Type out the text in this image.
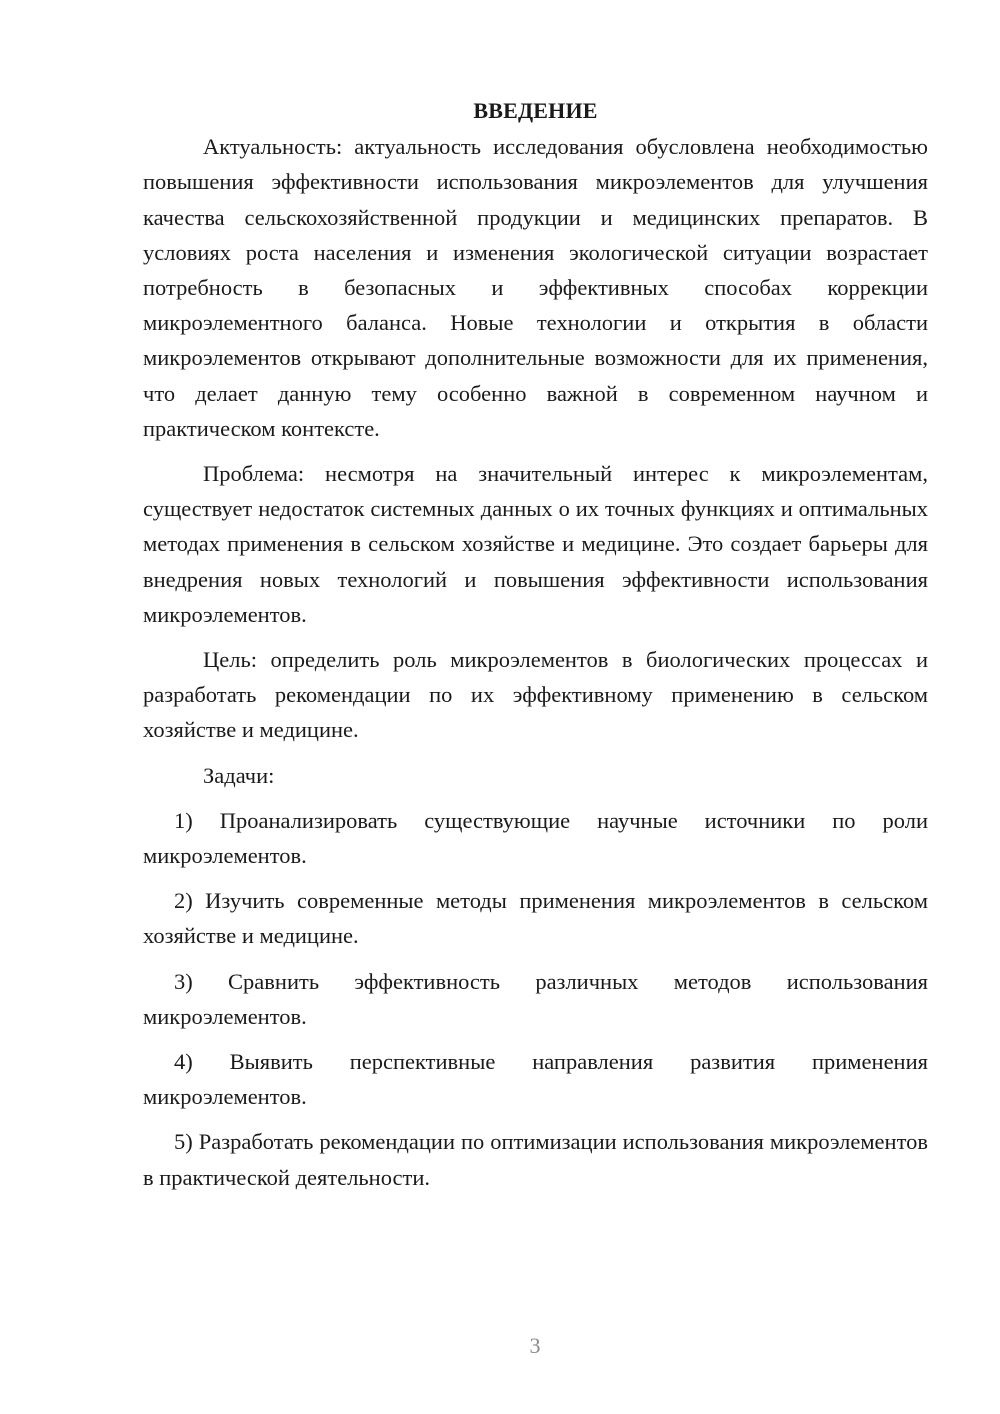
ВВЕДЕНИЕ

Актуальность: актуальность исследования обусловлена необходимостью повышения эффективности использования микроэлементов для улучшения качества сельскохозяйственной продукции и медицинских препаратов. В условиях роста населения и изменения экологической ситуации возрастает потребность в безопасных и эффективных способах коррекции микроэлементного баланса. Новые технологии и открытия в области микроэлементов открывают дополнительные возможности для их применения, что делает данную тему особенно важной в современном научном и практическом контексте.

Проблема: несмотря на значительный интерес к микроэлементам, существует недостаток системных данных о их точных функциях и оптимальных методах применения в сельском хозяйстве и медицине. Это создает барьеры для внедрения новых технологий и повышения эффективности использования микроэлементов.

Цель: определить роль микроэлементов в биологических процессах и разработать рекомендации по их эффективному применению в сельском хозяйстве и медицине.

Задачи:

1) Проанализировать существующие научные источники по роли микроэлементов.

2) Изучить современные методы применения микроэлементов в сельском хозяйстве и медицине.

3) Сравнить эффективность различных методов использования микроэлементов.

4) Выявить перспективные направления развития применения микроэлементов.

5) Разработать рекомендации по оптимизации использования микроэлементов в практической деятельности.

3
